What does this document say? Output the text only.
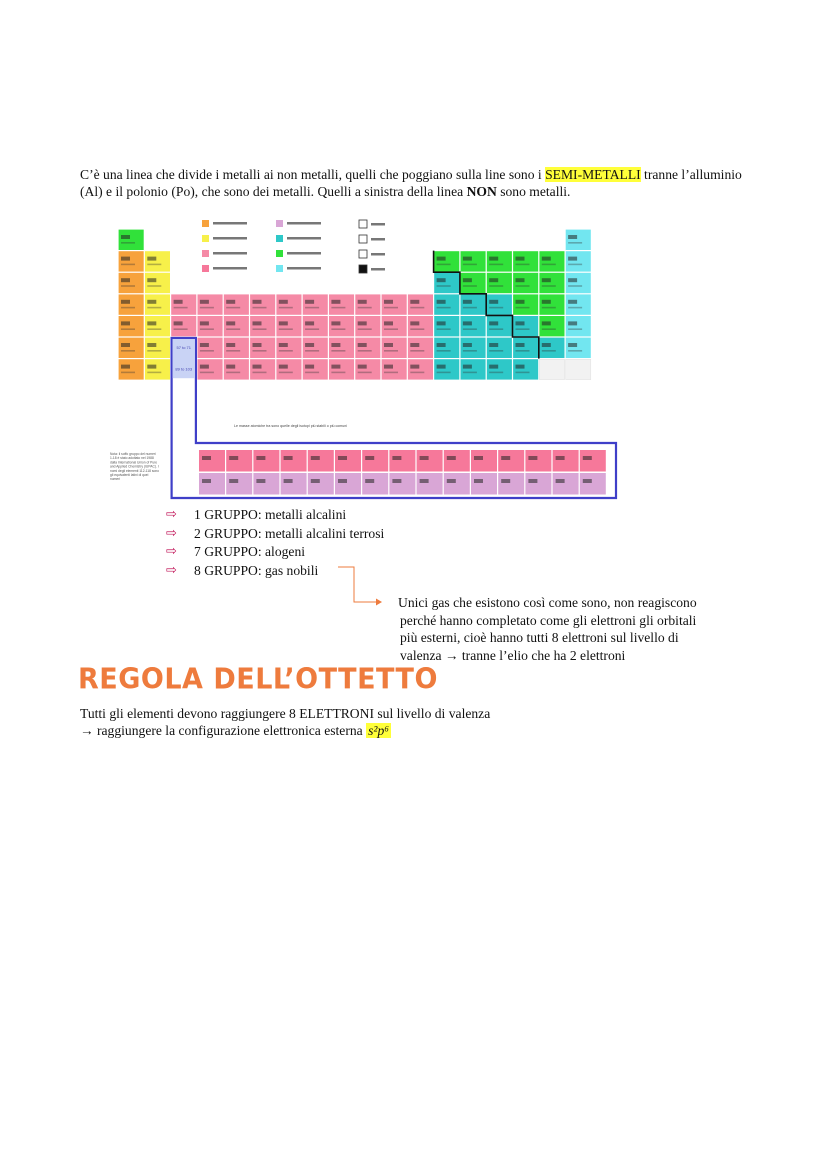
C’è una linea che divide i metalli ai non metalli, quelli che poggiano sulla line sono i SEMI-METALLI tranne l’alluminio (Al) e il polonio (Po), che sono dei metalli. Quelli a sinistra della linea NON sono metalli.
57 to 71
89 to 103
Le masse atomiche tra sono quelle degli isotopi più stabili o più comuni
Nota: il soffo gruppo del numeri 1-18 è stato adottato nel 1988 dalla International Union of Pure and Applied Chemistry (IUPAC). I nomi degli elementi 112-118 sono gli equivalenti latini di quei numeri
⇨	1 GRUPPO: metalli alcalini
⇨	2 GRUPPO: metalli alcalini terrosi
⇨	7 GRUPPO: alogeni
⇨	8 GRUPPO: gas nobili
Unici gas che esistono così come sono, non reagiscono
perché hanno completato come gli elettroni gli orbitali
più esterni, cioè hanno tutti 8 elettroni sul livello di
valenza → tranne l’elio che ha 2 elettroni
REGOLA DELL’OTTETTO
Tutti gli elementi devono raggiungere 8 ELETTRONI sul livello di valenza
→ raggiungere la configurazione elettronica esterna s²p⁶
